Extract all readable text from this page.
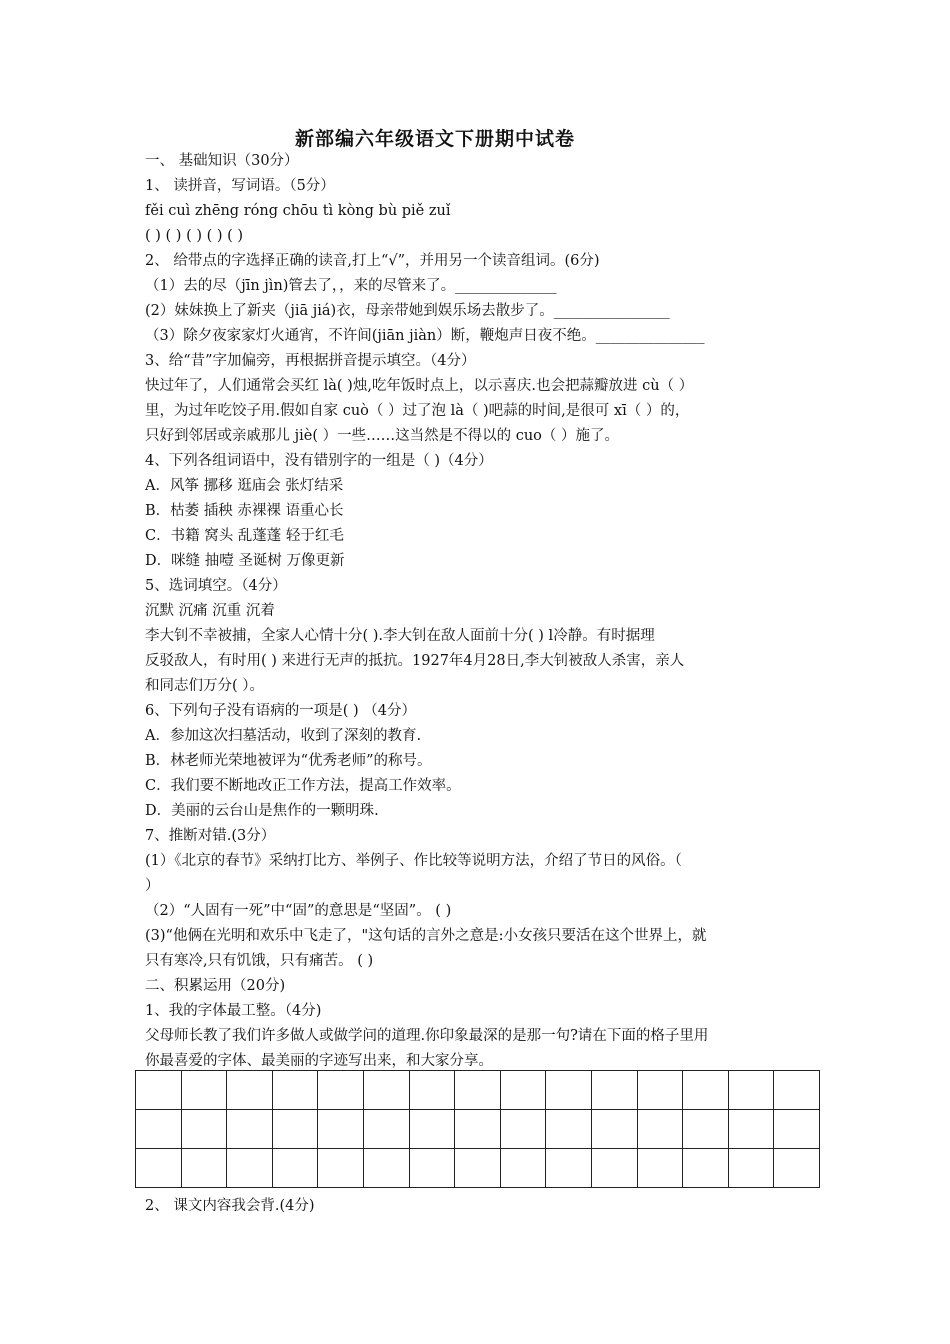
新部编六年级语文下册期中试卷
一、 基础知识（30分）
1、 读拼音，写词语。（5分）
fěi cuì zhēng róng chōu tì kòng bù piě zuǐ
( ) ( ) ( ) ( ) ( )
2、 给带点的字选择正确的读音,打上“√”，并用另一个读音组词。(6分)
（1）去的尽（jīn jìn)管去了，，来的尽管来了。______________
(2）妹妹换上了新夹（jiā jiá)衣，母亲带她到娱乐场去散步了。________________
（3）除夕夜家家灯火通宵，不许间(jiān jiàn）断，鞭炮声日夜不绝。_______________
3、给“昔”字加偏旁，再根据拼音提示填空。（4分）
快过年了，人们通常会买红 là( )烛,吃年饭时点上，以示喜庆.也会把蒜瓣放进 cù（ ）
里，为过年吃饺子用.假如自家 cuò（ ）过了泡 là（ )吧蒜的时间,是很可 xī（ ）的，
只好到邻居或亲戚那儿 jiè( ）一些……这当然是不得以的 cuo（ ）施了。
4、下列各组词语中，没有错别字的一组是（ )（4分）
A．风筝 挪移 逛庙会 张灯结采
B．枯萎 插秧 赤裸裸 语重心长
C．书籍 窝头 乱蓬蓬 轻于红毛
D．咪缝 抽噎 圣诞树 万像更新
5、选词填空。（4分）
沉默 沉痛 沉重 沉着
李大钊不幸被捕，全家人心情十分( ).李大钊在敌人面前十分( ) l冷静。有时据理
反驳敌人，有时用( ) 来进行无声的抵抗。1927年4月28日,李大钊被敌人杀害，亲人
和同志们万分( ）。
6、下列句子没有语病的一项是( ) （4分）
A．参加这次扫墓活动，收到了深刻的教育.
B．林老师光荣地被评为“优秀老师”的称号。
C．我们要不断地改正工作方法，提高工作效率。
D．美丽的云台山是焦作的一颗明珠.
7、推断对错.(3分）
(1）《北京的春节》采纳打比方、举例子、作比较等说明方法，介绍了节日的风俗。（
）
（2）“人固有一死”中“固”的意思是“坚固”。 ( )
(3)“他俩在光明和欢乐中飞走了，"这句话的言外之意是:小女孩只要活在这个世界上，就
只有寒冷,只有饥饿，只有痛苦。 ( )
二、积累运用（20分)
1、我的字体最工整。（4分)
父母师长教了我们许多做人或做学问的道理.你印象最深的是那一句?请在下面的格子里用
你最喜爱的字体、最美丽的字迹写出来，和大家分享。

2、 课文内容我会背.(4分)
